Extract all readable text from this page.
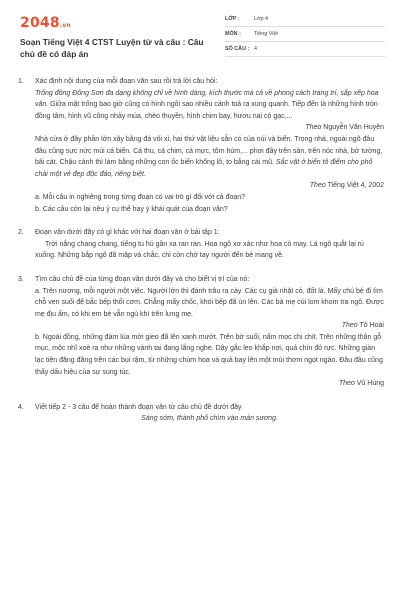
2048.vn
Soạn Tiếng Việt 4 CTST Luyện từ và câu : Câu chủ đề có đáp án
LỚP :	Lớp 4
MÔN :	Tiếng Việt
SỐ CÂU : 4
1.	Xác định nội dung của mỗi đoạn văn sau rồi trả lời câu hỏi:

Trống đồng Đông Sơn đa dạng không chỉ về hình dáng, kích thước mà cả về phong cách trang trí, sắp xếp hoa văn. Giữa mặt trống bao giờ cũng có hình ngôi sao nhiều cánh toả ra xung quanh. Tiếp đến là những hình tròn đồng tâm, hình vũ công nhảy múa, chèo thuyền, hình chim bay, hươu nai có gạc,...

Theo Nguyễn Văn Huyên

Nhà cửa ở đây phần lớn xây bằng đá vôi xỉ, hai thứ vật liệu sẵn có của núi và biển. Trong nhà, ngoài ngõ đâu đâu cũng sực nức mùi cá biển. Cá thu, cá chim, cá mực, tôm hùm,... phơi đầy trên sàn, trên nóc nhà, bờ tường, bãi cát. Chậu cảnh thì làm bằng những con ốc biển khổng lồ, to bằng cái mũ. Sắc vật ở biển tô điểm cho phố chài một vẻ đẹp độc đáo, riêng biệt.

Theo Tiếng Việt 4, 2002

a. Mỗi câu in nghiêng trong từng đoạn có vai trò gì đối với cả đoạn?

b. Các câu còn lại nêu ý cụ thể hay ý khái quát của đoạn văn?

2.	Đoạn văn dưới đây có gì khác với hai đoạn văn ở bài tập 1:

Trời nắng chang chang, tiếng tu hú gần xa ran ran. Hoa ngô xơ xác như hoa cỏ may. Lá ngô quắt lại rủ xuống. Những bắp ngô đã mập và chắc, chỉ còn chờ tay người đến bẻ mang về.

3.	Tìm câu chủ đề của từng đoạn văn dưới đây và cho biết vị trí của nó:

a. Trên nương, mỗi người một việc. Người lớn thì đánh trâu ra cày. Các cụ già nhặt cỏ, đốt lá. Mấy chú bé đi tìm chỗ ven suối để bắc bếp thổi cơm. Chẳng mấy chốc, khói bếp đã ùn lên. Các bà mẹ cúi lom khom tra ngô. Được mẹ địu ấm, có khi em bé vẫn ngủ khì trên lưng mẹ.

Theo Tô Hoài

b. Ngoài đồng, những đám lúa mới gieo đã lên xanh mướt. Trên bờ suối, nấm mọc chi chít. Trên những thân gỗ mục, mộc nhĩ xoè ra như những vành tai đang lắng nghe. Dây gắc leo khắp nơi, quả chín đỏ rực. Những giàn lạc tiên đăng đăng trên các bụi rậm, từ những chùm hoa và quả bay lên một mùi thơm ngọt ngào. Đâu đâu cũng thấy dấu hiệu của sự sung túc.

Theo Vũ Hùng

4.	Viết tiếp 2 - 3 câu để hoàn thành đoạn văn từ câu chủ đề dưới đây

Sáng sớm, thành phố chìm vào màn sương.
